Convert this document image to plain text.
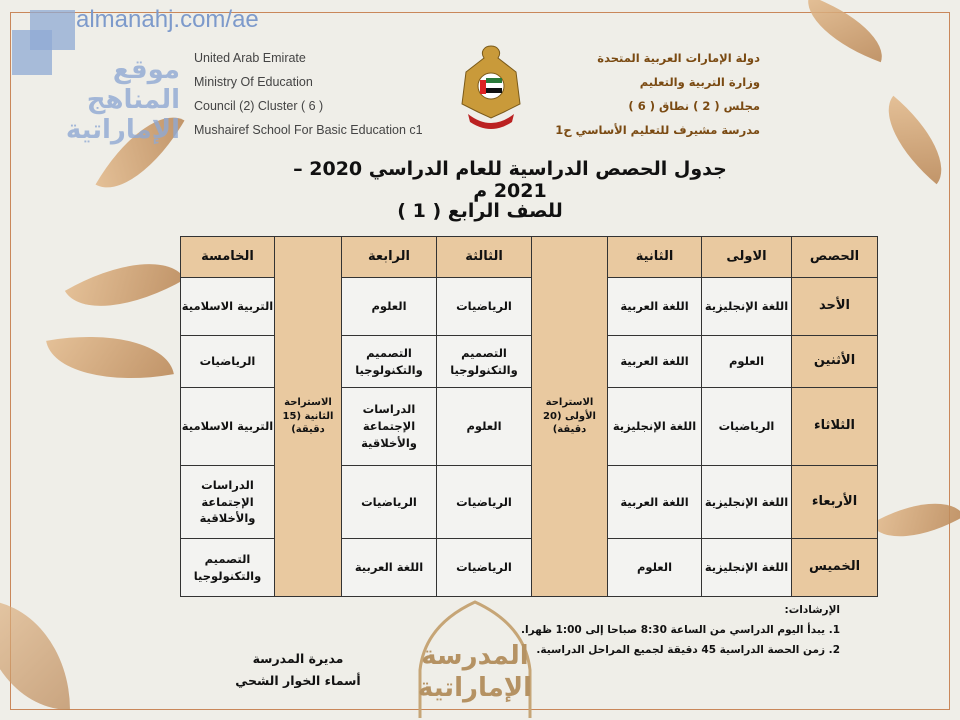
almanahj.com/ae
موقع المناهج الإماراتية
United Arab Emirate
Ministry Of Education
Council (2) Cluster ( 6 )
Mushairef School For Basic Education c1
دولة الإمارات العربية المتحدة
وزارة التربية والتعليم
مجلس ( 2 ) نطاق ( 6 )
مدرسة مشيرف للتعليم الأساسي ح1
جدول الحصص الدراسية للعام الدراسي 2020 – 2021 م
للصف الرابع ( 1 )
الحصص	الاولى	الثانية	الاستراحة الأولى (20 دقيقة)	الثالثة	الرابعة	الاستراحة الثانية (15 دقيقة)	الخامسة
الأحد	اللغة الإنجليزية	اللغة العربية		الرياضيات	العلوم		التربية الاسلامية
الأثنين	العلوم	اللغة العربية		التصميم والتكنولوجيا	التصميم والتكنولوجيا		الرياضيات
الثلاثاء	الرياضيات	اللغة الإنجليزية		العلوم	الدراسات الإجتماعة والأخلاقية		التربية الاسلامية
الأربعاء	اللغة الإنجليزية	اللغة العربية		الرياضيات	الرياضيات		الدراسات الإجتماعة والأخلاقية
الخميس	اللغة الإنجليزية	العلوم		الرياضيات	اللغة العربية		التصميم والتكنولوجيا
الإرشادات:
1. يبدأ اليوم الدراسي من الساعة 8:30 صباحا إلى 1:00 ظهرا.
2. زمن الحصة الدراسية 45 دقيقة لجميع المراحل الدراسية.
المدرسة
الإماراتية
مديرة المدرسة
أسماء الخوار الشحي
